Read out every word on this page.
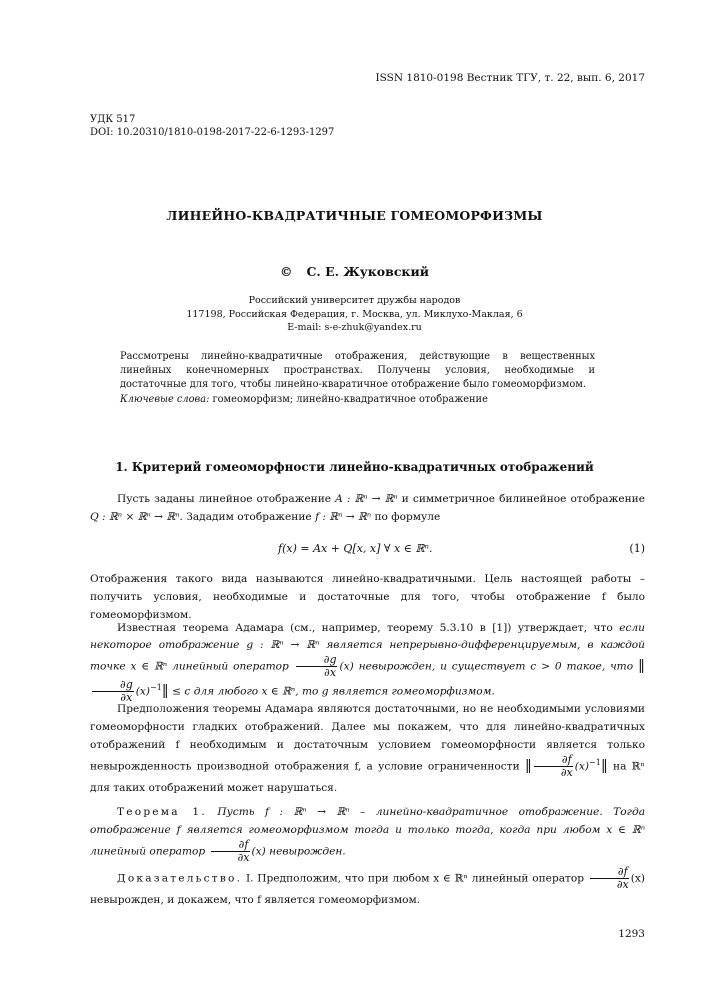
ISSN 1810-0198 Вестник ТГУ, т. 22, вып. 6, 2017
УДК 517
DOI: 10.20310/1810-0198-2017-22-6-1293-1297
ЛИНЕЙНО-КВАДРАТИЧНЫЕ ГОМЕОМОРФИЗМЫ
© С. Е. Жуковский
Российский университет дружбы народов
117198, Российская Федерация, г. Москва, ул. Миклухо-Маклая, 6
E-mail: s-e-zhuk@yandex.ru

Рассмотрены линейно-квадратичные отображения, действующие в вещественных линейных конечномерных пространствах. Получены условия, необходимые и достаточные для того, чтобы линейно-кваратичное отображение было гомеоморфизмом.

Ключевые слова: гомеоморфизм; линейно-квадратичное отображение
1. Критерий гомеоморфности линейно-квадратичных отображений

Пусть заданы линейное отображение A : ℝⁿ → ℝⁿ и симметричное билинейное отображение Q : ℝⁿ × ℝⁿ → ℝⁿ. Зададим отображение f : ℝⁿ → ℝⁿ по формуле

f(x) = Ax + Q[x, x] ∀ x ∈ ℝⁿ.	(1)

Отображения такого вида называются линейно-квадратичными. Цель настоящей работы – получить условия, необходимые и достаточные для того, чтобы отображение f было гомеоморфизмом.

Известная теорема Адамара (см., например, теорему 5.3.10 в [1]) утверждает, что если некоторое отображение g : ℝⁿ → ℝⁿ является непрерывно-дифференцируемым, в каждой точке x ∈ ℝⁿ линейный оператор $\frac{\partial g}{\partial x} (x)$ невырожден, и существует c > 0 такое, что ‖
$\frac{\partial g}{\partial x}$ $(x)^{-1}‖ \le c$ для любого x ∈ ℝⁿ, то g является гомеоморфизмом.

Предположения теоремы Адамара являются достаточными, но не необходимыми условиями гомеоморфности гладких отображений. Далее мы покажем, что для линейно-квадратичных отображений f необходимым и достаточным условием гомеоморфности является только невырожденность производной отображения f, а условие ограниченности ‖ $\frac{\partial f}{\partial x}$ $(x)^{-1}‖$ на ℝⁿ для таких отображений может нарушаться.

Теорема 1. Пусть f : ℝⁿ → ℝⁿ – линейно-квадратичное отображение. Тогда отображение f является гомеоморфизмом тогда и только тогда, когда при любом x ∈ ℝⁿ линейный оператор $\frac{\partial f}{\partial x} (x)$ невырожден.

Доказательство. I. Предположим, что при любом x ∈ ℝⁿ линейный оператор $\frac{\partial f}{\partial x} (x)$ невырожден, и докажем, что f является гомеоморфизмом.

1293
